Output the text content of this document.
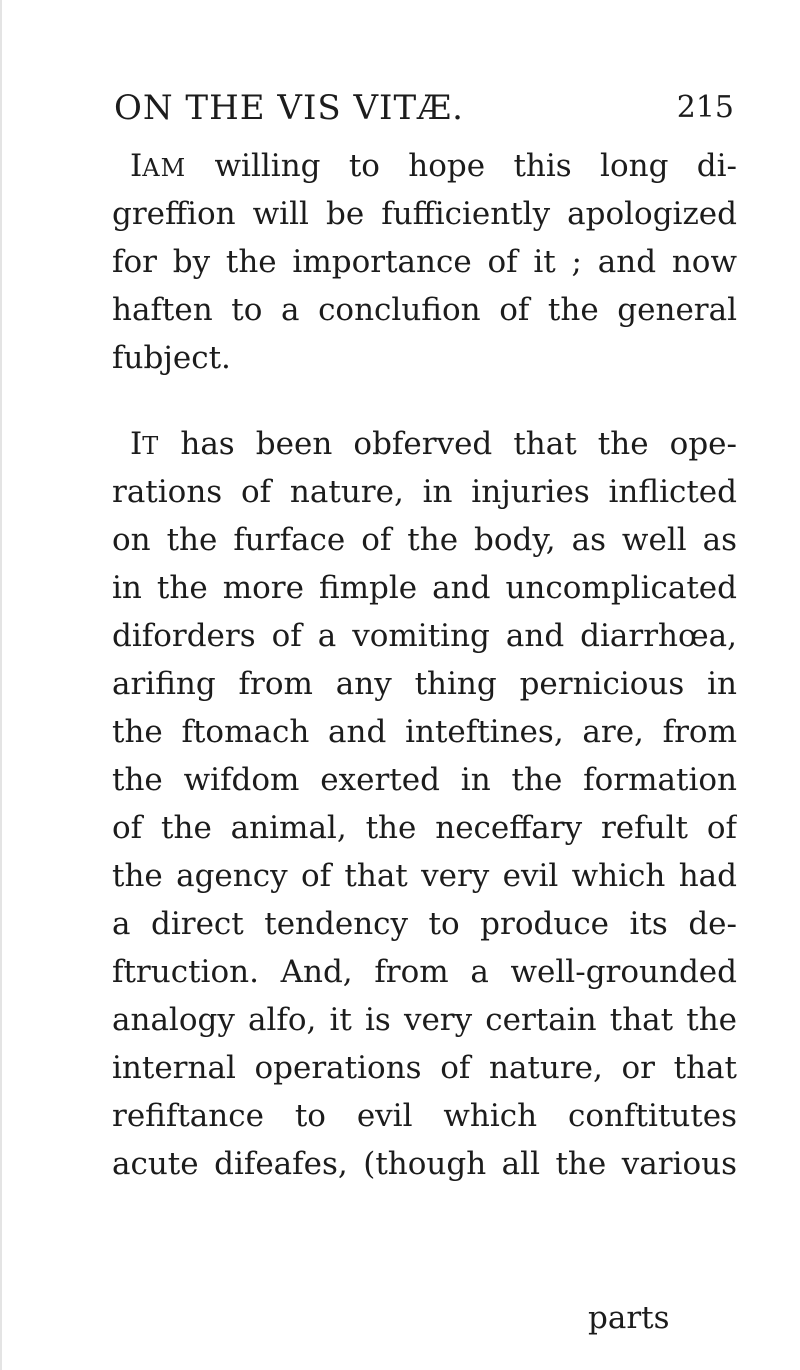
ON THE VIS VITÆ.	215
IAM willing to hope this long di-
greffion will be fufficiently apologized
for by the importance of it ; and now
haften to a conclufion of the general
fubject.
IT has been obferved that the ope-
rations of nature, in injuries inflicted
on the furface of the body, as well as
in the more fimple and uncomplicated
diforders of a vomiting and diarrhœa,
arifing from any thing pernicious in
the ftomach and inteftines, are, from
the wifdom exerted in the formation
of the animal, the neceffary refult of
the agency of that very evil which had
a direct tendency to produce its de-
ftruction. And, from a well-grounded
analogy alfo, it is very certain that the
internal operations of nature, or that
refiftance to evil which conftitutes
acute difeafes, (though all the various
parts
